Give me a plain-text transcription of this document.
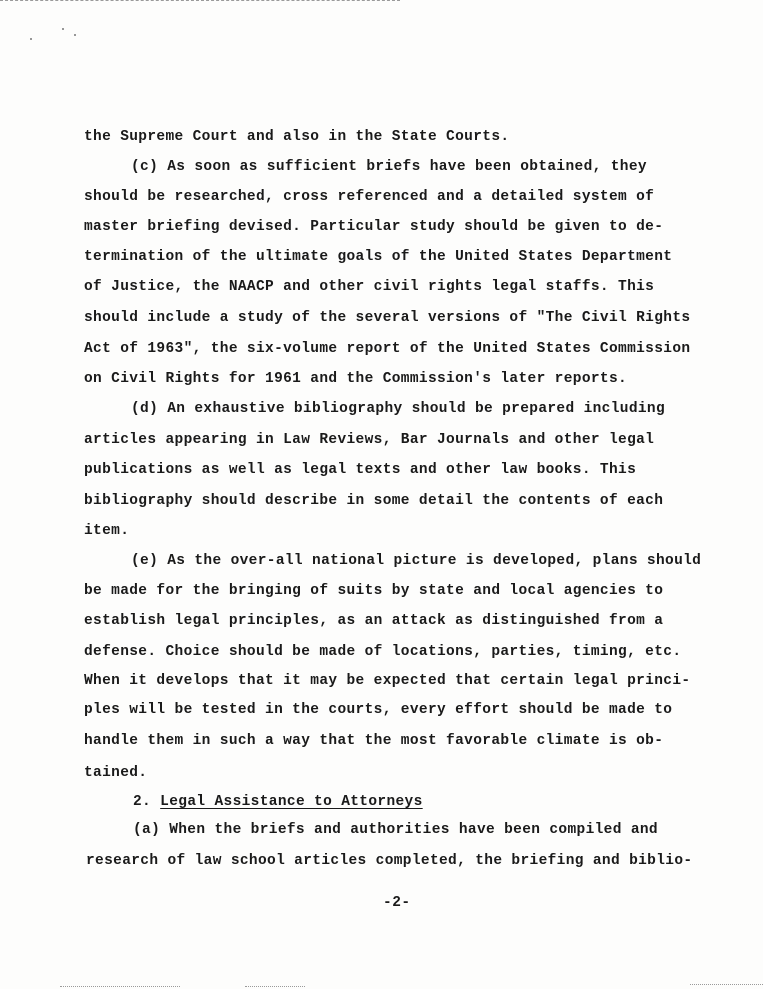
the Supreme Court and also in the State Courts.
(c) As soon as sufficient briefs have been obtained, they
should be researched, cross referenced and a detailed system of
master briefing devised. Particular study should be given to de-
termination of the ultimate goals of the United States Department
of Justice, the NAACP and other civil rights legal staffs. This
should include a study of the several versions of "The Civil Rights
Act of 1963", the six-volume report of the United States Commission
on Civil Rights for 1961 and the Commission's later reports.
(d) An exhaustive bibliography should be prepared including
articles appearing in Law Reviews, Bar Journals and other legal
publications as well as legal texts and other law books. This
bibliography should describe in some detail the contents of each
item.
(e) As the over-all national picture is developed, plans should
be made for the bringing of suits by state and local agencies to
establish legal principles, as an attack as distinguished from a
defense. Choice should be made of locations, parties, timing, etc.
When it develops that it may be expected that certain legal princi-
ples will be tested in the courts, every effort should be made to
handle them in such a way that the most favorable climate is ob-
tained.
2. Legal Assistance to Attorneys
(a) When the briefs and authorities have been compiled and
research of law school articles completed, the briefing and biblio-
-2-
